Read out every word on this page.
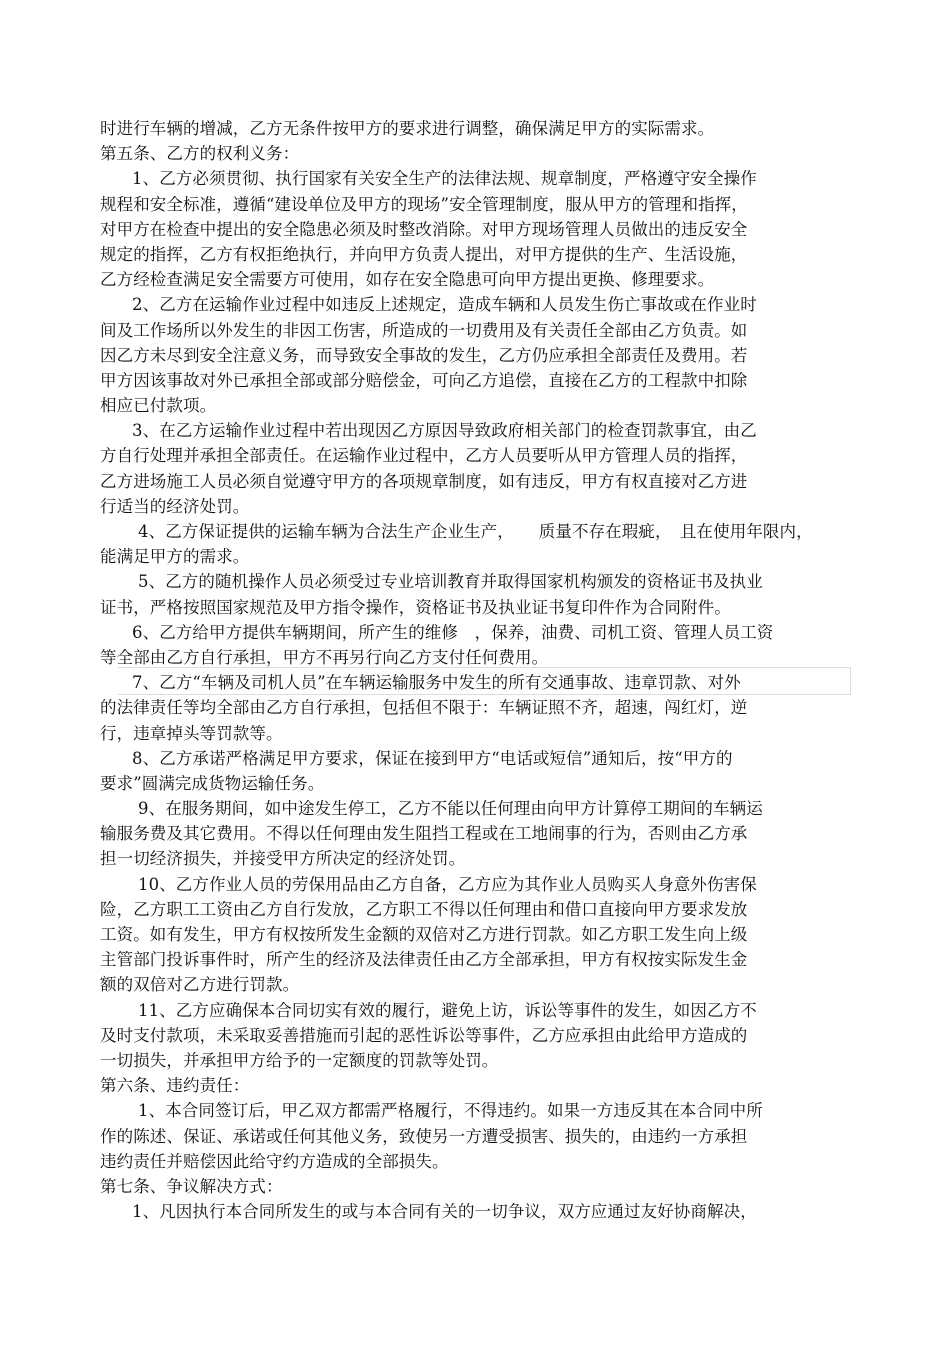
时进行车辆的增减，乙方无条件按甲方的要求进行调整，确保满足甲方的实际需求。
第五条、乙方的权利义务：
1、乙方必须贯彻、执行国家有关安全生产的法律法规、规章制度，严格遵守安全操作
规程和安全标准，遵循“建设单位及甲方的现场”安全管理制度，服从甲方的管理和指挥，
对甲方在检查中提出的安全隐患必须及时整改消除。对甲方现场管理人员做出的违反安全
规定的指挥，乙方有权拒绝执行，并向甲方负责人提出，对甲方提供的生产、生活设施，
乙方经检查满足安全需要方可使用，如存在安全隐患可向甲方提出更换、修理要求。
2、乙方在运输作业过程中如违反上述规定，造成车辆和人员发生伤亡事故或在作业时
间及工作场所以外发生的非因工伤害，所造成的一切费用及有关责任全部由乙方负责。如
因乙方未尽到安全注意义务，而导致安全事故的发生，乙方仍应承担全部责任及费用。若
甲方因该事故对外已承担全部或部分赔偿金，可向乙方追偿，直接在乙方的工程款中扣除
相应已付款项。
3、在乙方运输作业过程中若出现因乙方原因导致政府相关部门的检查罚款事宜，由乙
方自行处理并承担全部责任。在运输作业过程中，乙方人员要听从甲方管理人员的指挥，
乙方进场施工人员必须自觉遵守甲方的各项规章制度，如有违反，甲方有权直接对乙方进
行适当的经济处罚。
4、乙方保证提供的运输车辆为合法生产企业生产，　　质量不存在瑕疵，　且在使用年限内，
能满足甲方的需求。
5、乙方的随机操作人员必须受过专业培训教育并取得国家机构颁发的资格证书及执业
证书，严格按照国家规范及甲方指令操作，资格证书及执业证书复印件作为合同附件。
6、乙方给甲方提供车辆期间，所产生的维修　，保养，油费、司机工资、管理人员工资
等全部由乙方自行承担，甲方不再另行向乙方支付任何费用。
7、乙方“车辆及司机人员”在车辆运输服务中发生的所有交通事故、违章罚款、对外
的法律责任等均全部由乙方自行承担，包括但不限于：车辆证照不齐，超速，闯红灯，逆
行，违章掉头等罚款等。
8、乙方承诺严格满足甲方要求，保证在接到甲方“电话或短信”通知后，按“甲方的
要求”圆满完成货物运输任务。
9、在服务期间，如中途发生停工，乙方不能以任何理由向甲方计算停工期间的车辆运
输服务费及其它费用。不得以任何理由发生阻挡工程或在工地闹事的行为，否则由乙方承
担一切经济损失，并接受甲方所决定的经济处罚。
10、乙方作业人员的劳保用品由乙方自备，乙方应为其作业人员购买人身意外伤害保
险，乙方职工工资由乙方自行发放，乙方职工不得以任何理由和借口直接向甲方要求发放
工资。如有发生，甲方有权按所发生金额的双倍对乙方进行罚款。如乙方职工发生向上级
主管部门投诉事件时，所产生的经济及法律责任由乙方全部承担，甲方有权按实际发生金
额的双倍对乙方进行罚款。
11、乙方应确保本合同切实有效的履行，避免上访，诉讼等事件的发生，如因乙方不
及时支付款项，未采取妥善措施而引起的恶性诉讼等事件，乙方应承担由此给甲方造成的
一切损失，并承担甲方给予的一定额度的罚款等处罚。
第六条、违约责任：
1、本合同签订后，甲乙双方都需严格履行，不得违约。如果一方违反其在本合同中所
作的陈述、保证、承诺或任何其他义务，致使另一方遭受损害、损失的，由违约一方承担
违约责任并赔偿因此给守约方造成的全部损失。
第七条、争议解决方式：
1、凡因执行本合同所发生的或与本合同有关的一切争议，双方应通过友好协商解决，
